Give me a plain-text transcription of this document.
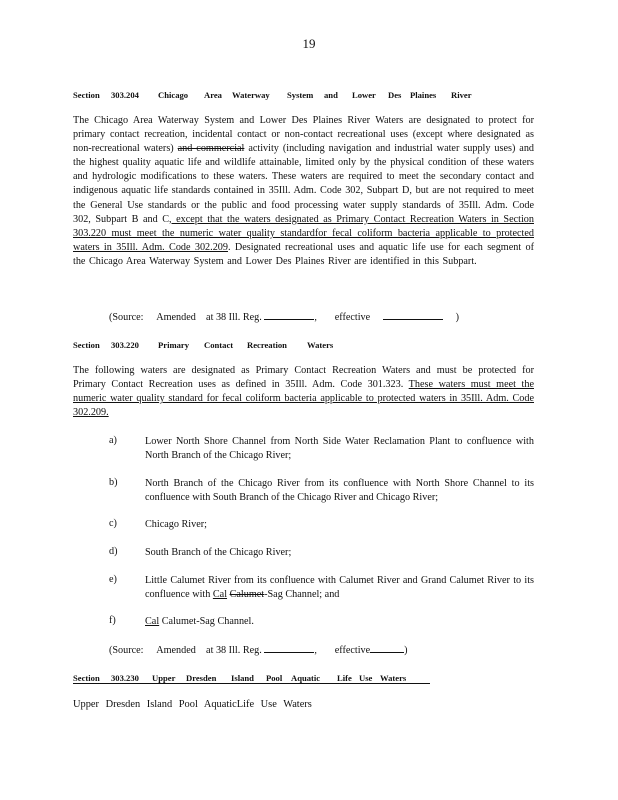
19
Section 303.204 Chicago Area Waterway System and Lower Des Plaines River
The Chicago Area Waterway System and Lower Des Plaines River Waters are designated to protect for primary contact recreation, incidental contact or non-contact recreational uses (except where designated as non-recreational waters) and commercial activity (including navigation and industrial water supply uses) and the highest quality aquatic life and wildlife attainable, limited only by the physical condition of these waters and hydrologic modifications to these waters. These waters are required to meet the secondary contact and indigenous aquatic life standards contained in 35Ill. Adm. Code 302, Subpart D, but are not required to meet the General Use standards or the public and food processing water supply standards of 35Ill. Adm. Code 302, Subpart B and C, except that the waters designated as Primary Contact Recreation Waters in Section 303.220 must meet the numeric water quality standardfor fecal coliform bacteria applicable to protected waters in 35Ill. Adm. Code 302.209. Designated recreational uses and aquatic life use for each segment of the Chicago Area Waterway System and Lower Des Plaines River are identified in this Subpart.
(Source: Amended at 38 Ill. Reg.	, effective	)
Section 303.220 Primary Contact Recreation Waters
The following waters are designated as Primary Contact Recreation Waters and must be protected for Primary Contact Recreation uses as defined in 35Ill. Adm. Code 301.323. These waters must meet the numeric water quality standard for fecal coliform bacteria applicable to protected waters in 35Ill. Adm. Code 302.209.
a)	Lower North Shore Channel from North Side Water Reclamation Plant to confluence with North Branch of the Chicago River;
b)	North Branch of the Chicago River from its confluence with North Shore Channel to its confluence with South Branch of the Chicago River and Chicago River;
c)	Chicago River;
d)	South Branch of the Chicago River;
e)	Little Calumet River from its confluence with Calumet River and Grand Calumet River to its confluence with Cal Calumet-Sag Channel; and
f)	Cal Calumet-Sag Channel.
(Source: Amended at 38 Ill. Reg.	, effective	)
Section 303.230 Upper Dresden Island Pool Aquatic Life Use Waters
Upper Dresden Island Pool AquaticLife Use Waters
